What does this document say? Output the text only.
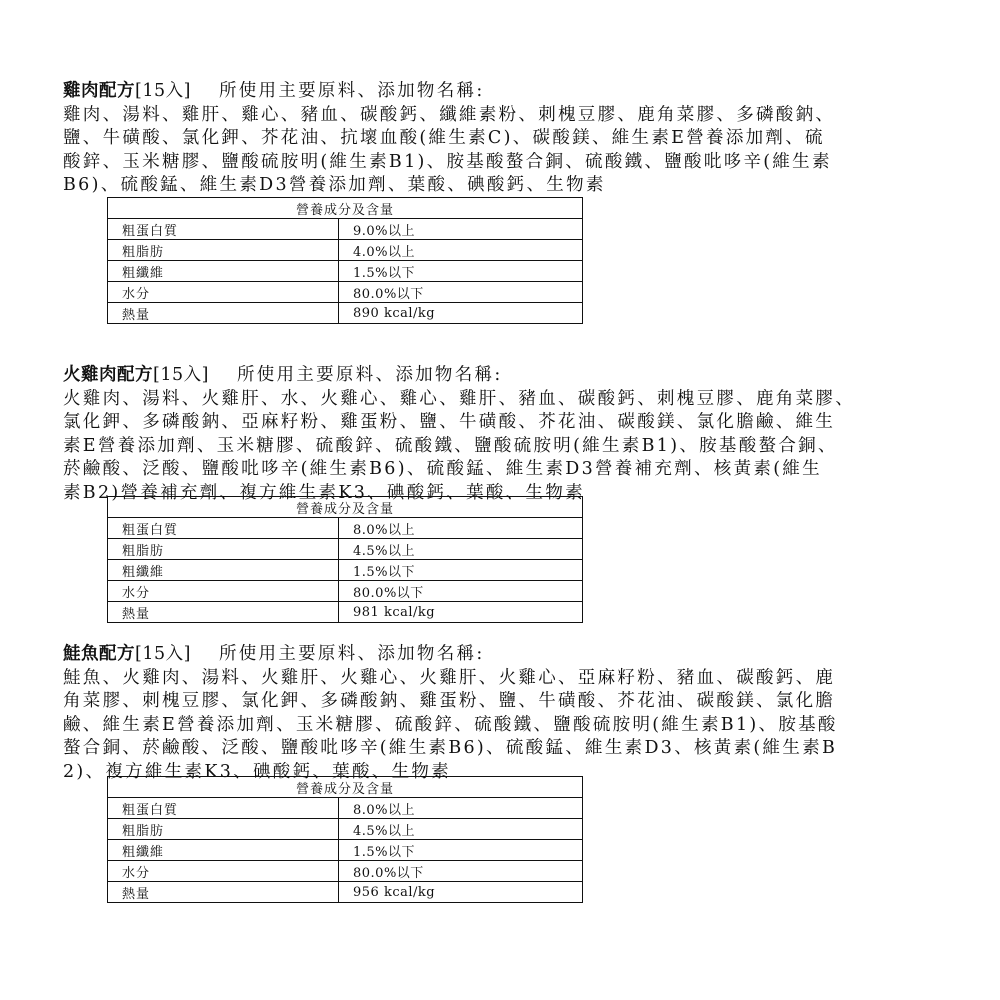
雞肉配方[15入] 所使用主要原料、添加物名稱:
雞肉、湯料、雞肝、雞心、豬血、碳酸鈣、纖維素粉、刺槐豆膠、鹿角菜膠、多磷酸鈉、
鹽、牛磺酸、氯化鉀、芥花油、抗壞血酸(維生素C)、碳酸鎂、維生素E營養添加劑、硫
酸鋅、玉米糖膠、鹽酸硫胺明(維生素B1)、胺基酸螯合銅、硫酸鐵、鹽酸吡哆辛(維生素
B6)、硫酸錳、維生素D3營養添加劑、葉酸、碘酸鈣、生物素
營養成分及含量	
粗蛋白質	9.0%以上
粗脂肪	4.0%以上
粗纖維	1.5%以下
水分	80.0%以下
熱量	890 kcal/kg
火雞肉配方[15入] 所使用主要原料、添加物名稱:
火雞肉、湯料、火雞肝、水、火雞心、雞心、雞肝、豬血、碳酸鈣、刺槐豆膠、鹿角菜膠、
氯化鉀、多磷酸鈉、亞麻籽粉、雞蛋粉、鹽、牛磺酸、芥花油、碳酸鎂、氯化膽鹼、維生
素E營養添加劑、玉米糖膠、硫酸鋅、硫酸鐵、鹽酸硫胺明(維生素B1)、胺基酸螯合銅、
菸鹼酸、泛酸、鹽酸吡哆辛(維生素B6)、硫酸錳、維生素D3營養補充劑、核黃素(維生
素B2)營養補充劑、複方維生素K3、碘酸鈣、葉酸、生物素
營養成分及含量	
粗蛋白質	8.0%以上
粗脂肪	4.5%以上
粗纖維	1.5%以下
水分	80.0%以下
熱量	981 kcal/kg
鮭魚配方[15入] 所使用主要原料、添加物名稱:
鮭魚、火雞肉、湯料、火雞肝、火雞心、火雞肝、火雞心、亞麻籽粉、豬血、碳酸鈣、鹿
角菜膠、刺槐豆膠、氯化鉀、多磷酸鈉、雞蛋粉、鹽、牛磺酸、芥花油、碳酸鎂、氯化膽
鹼、維生素E營養添加劑、玉米糖膠、硫酸鋅、硫酸鐵、鹽酸硫胺明(維生素B1)、胺基酸
螯合銅、菸鹼酸、泛酸、鹽酸吡哆辛(維生素B6)、硫酸錳、維生素D3、核黃素(維生素B
2)、複方維生素K3、碘酸鈣、葉酸、生物素
營養成分及含量	
粗蛋白質	8.0%以上
粗脂肪	4.5%以上
粗纖維	1.5%以下
水分	80.0%以下
熱量	956 kcal/kg
